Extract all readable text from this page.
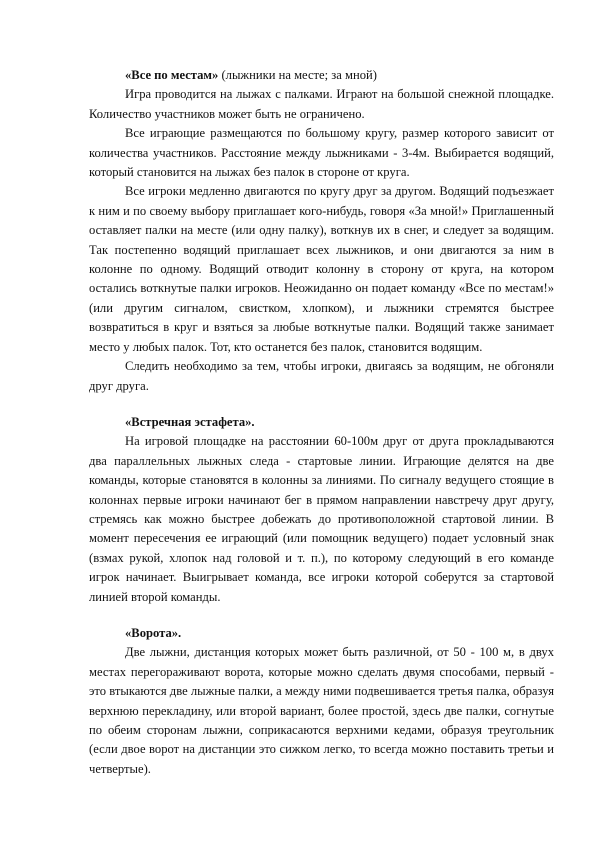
«Все по местам» (лыжники на месте; за мной)

Игра проводится на лыжах с палками. Играют на большой снежной площадке. Количество участников может быть не ограничено.

Все играющие размещаются по большому кругу, размер которого зависит от количества участников. Расстояние между лыжниками - 3-4м. Выбирается водящий, который становится на лыжах без палок в стороне от круга.

Все игроки медленно двигаются по кругу друг за другом. Водящий подъезжает к ним и по своему выбору приглашает кого-нибудь, говоря «За мной!» Приглашенный оставляет палки на месте (или одну палку), воткнув их в снег, и следует за водящим. Так постепенно водящий приглашает всех лыжников, и они двигаются за ним в колонне по одному. Водящий отводит колонну в сторону от круга, на котором остались воткнутые палки игроков. Неожиданно он подает команду «Все по местам!» (или другим сигналом, свистком, хлопком), и лыжники стремятся быстрее возвратиться в круг и взяться за любые воткнутые палки. Водящий также занимает место у любых палок. Тот, кто останется без палок, становится водящим.

Следить необходимо за тем, чтобы игроки, двигаясь за водящим, не обгоняли друг друга.

«Встречная эстафета».

На игровой площадке на расстоянии 60-100м друг от друга прокладываются два параллельных лыжных следа - стартовые линии. Играющие делятся на две команды, которые становятся в колонны за линиями. По сигналу ведущего стоящие в колоннах первые игроки начинают бег в прямом направлении навстречу друг другу, стремясь как можно быстрее добежать до противоположной стартовой линии. В момент пересечения ее играющий (или помощник ведущего) подает условный знак (взмах рукой, хлопок над головой и т. п.), по которому следующий в его команде игрок начинает. Выигрывает команда, все игроки которой соберутся за стартовой линией второй команды.

«Ворота».

Две лыжни, дистанция которых может быть различной, от 50 - 100 м, в двух местах перегораживают ворота, которые можно сделать двумя способами, первый - это втыкаются две лыжные палки, а между ними подвешивается третья палка, образуя верхнюю перекладину, или второй вариант, более простой, здесь две палки, согнутые по обеим сторонам лыжни, соприкасаются верхними кедами, образуя треугольник (если двое ворот на дистанции это сижком легко, то всегда можно поставить третьи и четвертые).
